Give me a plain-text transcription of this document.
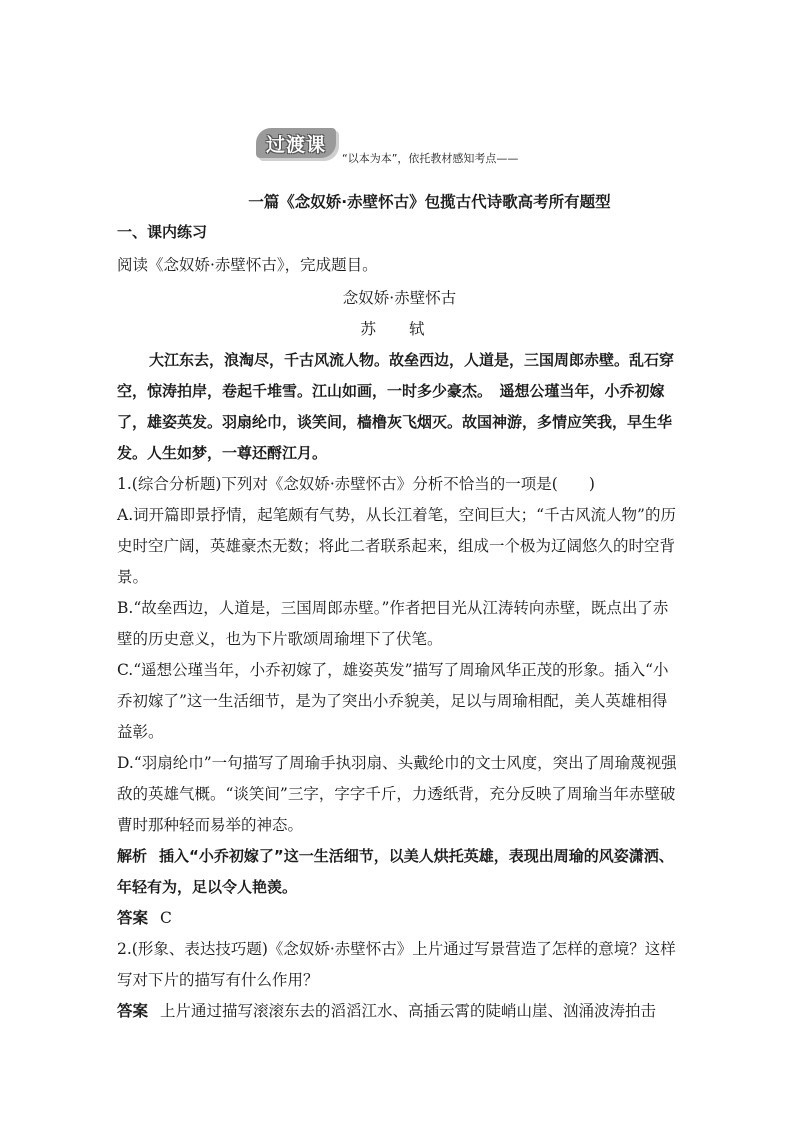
过渡课
“以本为本”，依托教材感知考点——
一篇《念奴娇·赤壁怀古》包揽古代诗歌高考所有题型
一、课内练习
阅读《念奴娇·赤壁怀古》，完成题目。
念奴娇·赤壁怀古
苏 轼
大江东去，浪淘尽，千古风流人物。故垒西边，人道是，三国周郎赤壁。乱石穿空，惊涛拍岸，卷起千堆雪。江山如画，一时多少豪杰。　遥想公瑾当年，小乔初嫁了，雄姿英发。羽扇纶巾，谈笑间，樯橹灰飞烟灭。故国神游，多情应笑我，早生华发。人生如梦，一尊还酹江月。
1.(综合分析题)下列对《念奴娇·赤壁怀古》分析不恰当的一项是(　　)
A.词开篇即景抒情，起笔颇有气势，从长江着笔，空间巨大；“千古风流人物”的历史时空广阔，英雄豪杰无数；将此二者联系起来，组成一个极为辽阔悠久的时空背景。
B.“故垒西边，人道是，三国周郎赤壁。”作者把目光从江涛转向赤壁，既点出了赤壁的历史意义，也为下片歌颂周瑜埋下了伏笔。
C.“遥想公瑾当年，小乔初嫁了，雄姿英发”描写了周瑜风华正茂的形象。插入“小乔初嫁了”这一生活细节，是为了突出小乔貌美，足以与周瑜相配，美人英雄相得益彰。
D.“羽扇纶巾”一句描写了周瑜手执羽扇、头戴纶巾的文士风度，突出了周瑜蔑视强敌的英雄气概。“谈笑间”三字，字字千斤，力透纸背，充分反映了周瑜当年赤壁破曹时那种轻而易举的神态。
解析 插入“小乔初嫁了”这一生活细节，以美人烘托英雄，表现出周瑜的风姿潇洒、年轻有为，足以令人艳羡。
答案 C
2.(形象、表达技巧题)《念奴娇·赤壁怀古》上片通过写景营造了怎样的意境？这样写对下片的描写有什么作用？
答案 上片通过描写滚滚东去的滔滔江水、高插云霄的陡峭山崖、汹涌波涛拍击
